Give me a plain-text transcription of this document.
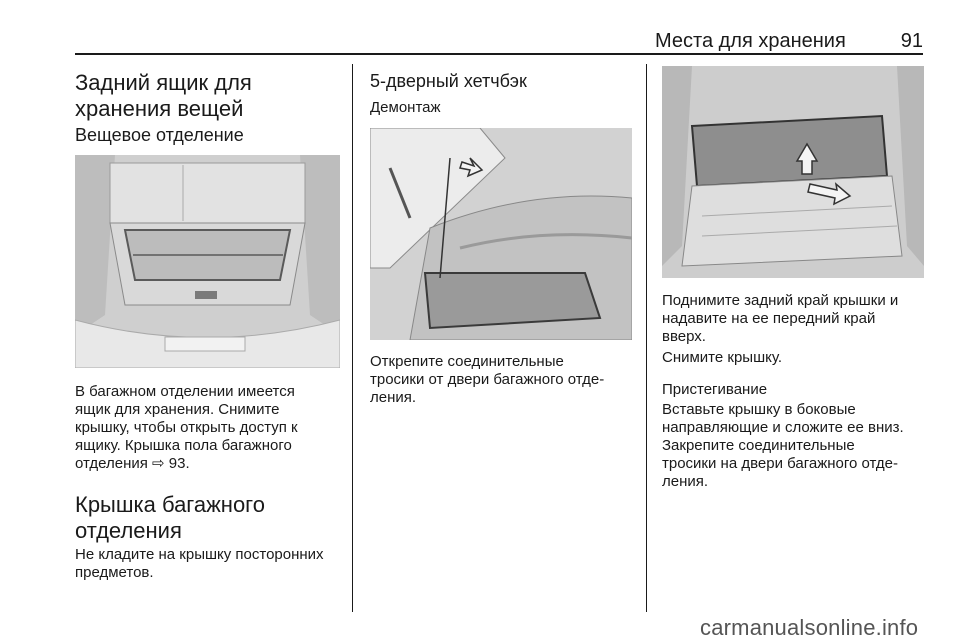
Места для хранения	91
Задний ящик для
хранения вещей
Вещевое отделение
В багажном отделении имеется
ящик для хранения. Снимите
крышку, чтобы открыть доступ к
ящику. Крышка пола багажного
отделения ⇨ 93.
Крышка багажного
отделения
Не кладите на крышку посторонних
предметов.
5-дверный хетчбэк
Демонтаж
Открепите соединительные
тросики от двери багажного отде-
ления.
Поднимите задний край крышки и
надавите на ее передний край
вверх.
Снимите крышку.
Пристегивание
Вставьте крышку в боковые
направляющие и сложите ее вниз.
Закрепите соединительные
тросики на двери багажного отде-
ления.
carmanualsonline.info
